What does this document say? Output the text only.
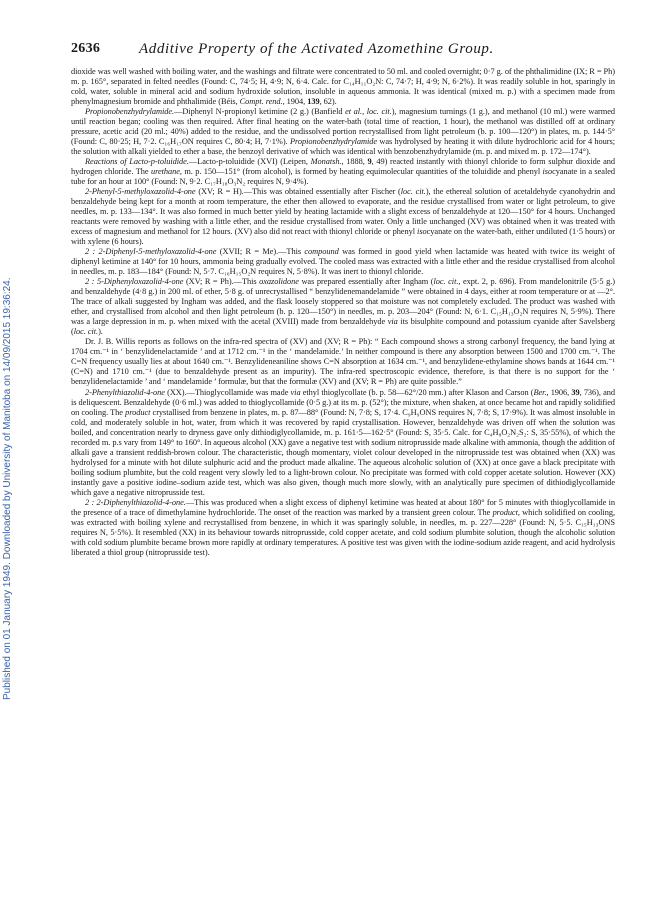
Published on 01 January 1949. Downloaded by University of Manitoba on 14/09/2015 19:36:24.
2636	Additive Property of the Activated Azomethine Group.

dioxide was well washed with boiling water, and the washings and filtrate were concentrated to 50 ml. and cooled overnight; 0·7 g. of the phthalimidine (IX; R = Ph) m. p. 165°, separated in felted needles (Found: C, 74·5; H, 4·9; N, 6·4. Calc. for C₁₄H₁₁O₂N: C, 74·7; H, 4·9; N, 6·2%). It was readily soluble in hot, sparingly in cold, water, soluble in mineral acid and sodium hydroxide solution, insoluble in aqueous ammonia. It was identical (mixed m. p.) with a specimen made from phenylmagnesium bromide and phthalimide (Béis, Compt. rend., 1904, 139, 62).

Propionobenzhydrylamide.—Diphenyl N-propionyl ketimine (2 g.) (Banfield et al., loc. cit.), magnesium turnings (1 g.), and methanol (10 ml.) were warmed until reaction began; cooling was then required. After final heating on the water-bath (total time of reaction, 1 hour), the methanol was distilled off at ordinary pressure, acetic acid (20 ml.; 40%) added to the residue, and the undissolved portion recrystallised from light petroleum (b. p. 100—120°) in plates, m. p. 144·5° (Found: C, 80·25; H, 7·2. C₁₆H₁₇ON requires C, 80·4; H, 7·1%). Propionobenzhydrylamide was hydrolysed by heating it with dilute hydrochloric acid for 4 hours; the solution with alkali yielded to ether a base, the benzoyl derivative of which was identical with benzobenzhydrylamide (m. p. and mixed m. p. 172—174°).

Reactions of Lacto-p-toluidide.—Lacto-p-toluidide (XVI) (Leipen, Monatsh., 1888, 9, 49) reacted instantly with thionyl chloride to form sulphur dioxide and hydrogen chloride. The urethane, m. p. 150—151° (from alcohol), is formed by heating equimolecular quantities of the toluidide and phenyl isocyanate in a sealed tube for an hour at 100° (Found: N, 9·2. C₁₇H₁₈O₃N₂ requires N, 9·4%).

2-Phenyl-5-methyloxazolid-4-one (XV; R = H).—This was obtained essentially after Fischer (loc. cit.), the ethereal solution of acetaldehyde cyanohydrin and benzaldehyde being kept for a month at room temperature, the ether then allowed to evaporate, and the residue crystallised from water or light petroleum, to give needles, m. p. 133—134°. It was also formed in much better yield by heating lactamide with a slight excess of benzaldehyde at 120—150° for 4 hours. Unchanged reactants were removed by washing with a little ether, and the residue crystallised from water. Only a little unchanged (XV) was obtained when it was treated with excess of magnesium and methanol for 12 hours. (XV) also did not react with thionyl chloride or phenyl isocyanate on the water-bath, either undiluted (1·5 hours) or with xylene (6 hours).

2 : 2-Diphenyl-5-methyloxazolid-4-one (XVII; R = Me).—This compound was formed in good yield when lactamide was heated with twice its weight of diphenyl ketimine at 140° for 10 hours, ammonia being gradually evolved. The cooled mass was extracted with a little ether and the residue crystallised from alcohol in needles, m. p. 183—184° (Found: N, 5·7. C₁₆H₁₅O₂N requires N, 5·8%). It was inert to thionyl chloride.

2 : 5-Diphenyloxazolid-4-one (XV; R = Ph).—This oxazolidone was prepared essentially after Ingham (loc. cit., expt. 2, p. 696). From mandelonitrile (5·5 g.) and benzaldehyde (4·8 g.) in 200 ml. of ether, 5·8 g. of unrecrystallised “ benzylidenemandelamide ” were obtained in 4 days, either at room temperature or at —2°. The trace of alkali suggested by Ingham was added, and the flask loosely stoppered so that moisture was not completely excluded. The product was washed with ether, and crystallised from alcohol and then light petroleum (b. p. 120—150°) in needles, m. p. 203—204° (Found: N, 6·1. C₁₅H₁₃O₂N requires N, 5·9%). There was a large depression in m. p. when mixed with the acetal (XVIII) made from benzaldehyde via its bisulphite compound and potassium cyanide after Savelsberg (loc. cit.).

Dr. J. B. Willis reports as follows on the infra-red spectra of (XV) and (XV; R = Ph): “ Each compound shows a strong carbonyl frequency, the band lying at 1704 cm.⁻¹ in ‘ benzylidenelactamide ’ and at 1712 cm.⁻¹ in the ‘ mandelamide.’ In neither compound is there any absorption between 1500 and 1700 cm.⁻¹. The C=N frequency usually lies at about 1640 cm.⁻¹. Benzylideneaniline shows C=N absorption at 1634 cm.⁻¹, and benzylidene-ethylamine shows bands at 1644 cm.⁻¹ (C=N) and 1710 cm.⁻¹ (due to benzaldehyde present as an impurity). The infra-red spectroscopic evidence, therefore, is that there is no support for the ‘ benzylidenelactamide ’ and ‘ mandelamide ’ formulæ, but that the formulæ (XV) and (XV; R = Ph) are quite possible.”

2-Phenylthiazolid-4-one (XX).—Thioglycollamide was made via ethyl thioglycollate (b. p. 58—62°/20 mm.) after Klason and Carson (Ber., 1906, 39, 736), and is deliquescent. Benzaldehyde (0·6 ml.) was added to thioglycollamide (0·5 g.) at its m. p. (52°); the mixture, when shaken, at once became hot and rapidly solidified on cooling. The product crystallised from benzene in plates, m. p. 87—88° (Found: N, 7·8; S, 17·4. C₉H₉ONS requires N, 7·8; S, 17·9%). It was almost insoluble in cold, and moderately soluble in hot, water, from which it was recovered by rapid crystallisation. However, benzaldehyde was driven off when the solution was boiled, and concentration nearly to dryness gave only dithiodiglycollamide, m. p. 161·5—162·5° (Found: S, 35·5. Calc. for C₄H₈O₂N₂S₂: S, 35·55%), of which the recorded m. p.s vary from 149° to 160°. In aqueous alcohol (XX) gave a negative test with sodium nitroprusside made alkaline with ammonia, though the addition of alkali gave a transient reddish-brown colour. The characteristic, though momentary, violet colour developed in the nitroprusside test was obtained when (XX) was hydrolysed for a minute with hot dilute sulphuric acid and the product made alkaline. The aqueous alcoholic solution of (XX) at once gave a black precipitate with boiling sodium plumbite, but the cold reagent very slowly led to a light-brown colour. No precipitate was formed with cold copper acetate solution. However (XX) instantly gave a positive iodine–sodium azide test, which was also given, though much more slowly, with an analytically pure specimen of dithiodiglycollamide which gave a negative nitroprusside test.

2 : 2-Diphenylthiazolid-4-one.—This was produced when a slight excess of diphenyl ketimine was heated at about 180° for 5 minutes with thioglycollamide in the presence of a trace of dimethylamine hydrochloride. The onset of the reaction was marked by a transient green colour. The product, which solidified on cooling, was extracted with boiling xylene and recrystallised from benzene, in which it was sparingly soluble, in needles, m. p. 227—228° (Found: N, 5·5. C₁₅H₁₃ONS requires N, 5·5%). It resembled (XX) in its behaviour towards nitroprusside, cold copper acetate, and cold sodium plumbite solution, though the alcoholic solution with cold sodium plumbite became brown more rapidly at ordinary temperatures. A positive test was given with the iodine-sodium azide reagent, and acid hydrolysis liberated a thiol group (nitroprusside test).
